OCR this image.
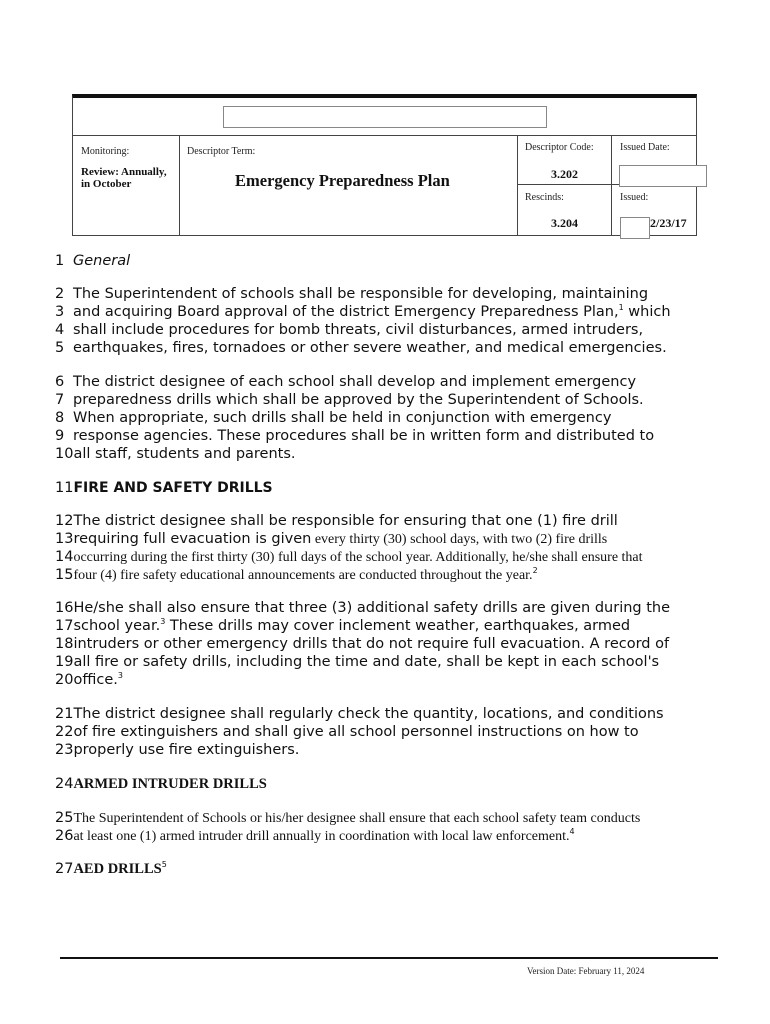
Monitoring:
Review: Annually, in October
Descriptor Term:
Emergency Preparedness Plan
Descriptor Code:
3.202
Issued Date:
Rescinds:
3.204
Issued:
2/23/17
1 General
2 The Superintendent of schools shall be responsible for developing, maintaining
3 and acquiring Board approval of the district Emergency Preparedness Plan,$^1$ which
4 shall include procedures for bomb threats, civil disturbances, armed intruders,
5 earthquakes, fires, tornadoes or other severe weather, and medical emergencies.
6 The district designee of each school shall develop and implement emergency
7 preparedness drills which shall be approved by the Superintendent of Schools.
8 When appropriate, such drills shall be held in conjunction with emergency
9 response agencies. These procedures shall be in written form and distributed to
10all staff, students and parents.
11FIRE AND SAFETY DRILLS
12The district designee shall be responsible for ensuring that one (1) fire drill
13requiring full evacuation is given every thirty (30) school days, with two (2) fire drills
14occurring during the first thirty (30) full days of the school year. Additionally, he/she shall ensure that
15four (4) fire safety educational announcements are conducted throughout the year.$^2$
16He/she shall also ensure that three (3) additional safety drills are given during the
17school year.$^3$ These drills may cover inclement weather, earthquakes, armed
18intruders or other emergency drills that do not require full evacuation. A record of
19all fire or safety drills, including the time and date, shall be kept in each school's
20office.$^3$
21The district designee shall regularly check the quantity, locations, and conditions
22of fire extinguishers and shall give all school personnel instructions on how to
23properly use fire extinguishers.
24ARMED INTRUDER DRILLS
25The Superintendent of Schools or his/her designee shall ensure that each school safety team conducts
26at least one (1) armed intruder drill annually in coordination with local law enforcement.$^4$
27AED DRILLS$^5$
Version Date: February 11, 2024
